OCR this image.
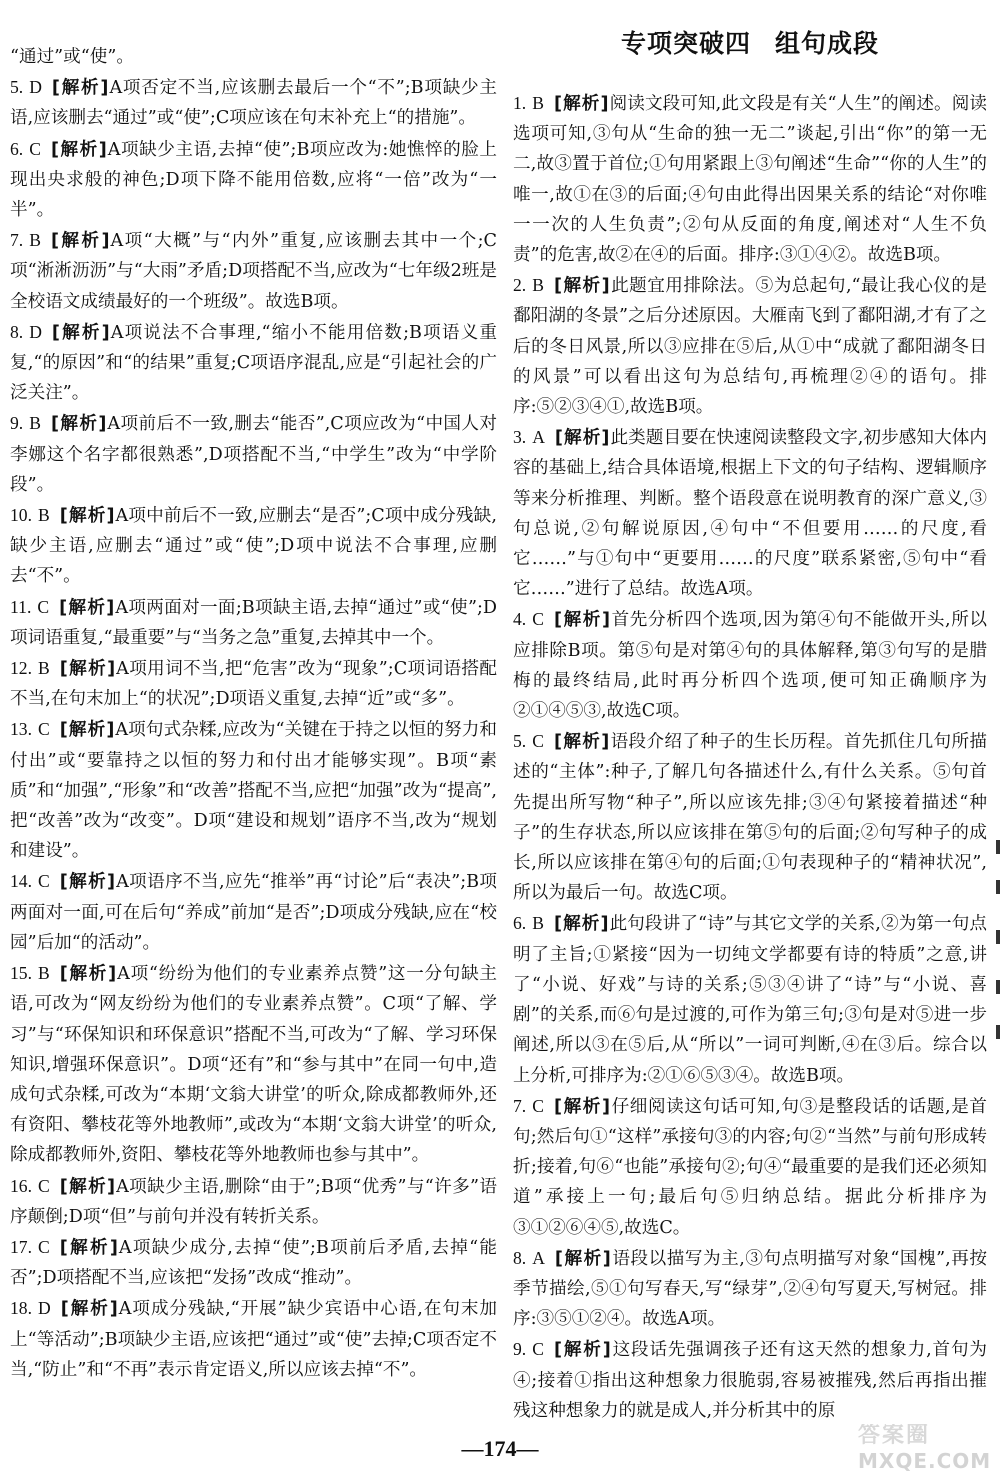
“通过”或“使”。

5. D [解析]A项否定不当,应该删去最后一个“不”;B项缺少主语,应该删去“通过”或“使”;C项应该在句末补充上“的措施”。

6. C [解析]A项缺少主语,去掉“使”;B项应改为:她憔悴的脸上现出央求般的神色;D项下降不能用倍数,应将“一倍”改为“一半”。

7. B [解析]A项“大概”与“内外”重复,应该删去其中一个;C项“淅淅沥沥”与“大雨”矛盾;D项搭配不当,应改为“七年级2班是全校语文成绩最好的一个班级”。故选B项。

8. D [解析]A项说法不合事理,“缩小不能用倍数;B项语义重复,“的原因”和“的结果”重复;C项语序混乱,应是“引起社会的广泛关注”。

9. B [解析]A项前后不一致,删去“能否”,C项应改为“中国人对李娜这个名字都很熟悉”,D项搭配不当,“中学生”改为“中学阶段”。

10. B [解析]A项中前后不一致,应删去“是否”;C项中成分残缺,缺少主语,应删去“通过”或“使”;D项中说法不合事理,应删去“不”。

11. C [解析]A项两面对一面;B项缺主语,去掉“通过”或“使”;D项词语重复,“最重要”与“当务之急”重复,去掉其中一个。

12. B [解析]A项用词不当,把“危害”改为“现象”;C项词语搭配不当,在句末加上“的状况”;D项语义重复,去掉“近”或“多”。

13. C [解析]A项句式杂糅,应改为“关键在于持之以恒的努力和付出”或“要靠持之以恒的努力和付出才能够实现”。B项“素质”和“加强”,“形象”和“改善”搭配不当,应把“加强”改为“提高”,把“改善”改为“改变”。D项“建设和规划”语序不当,改为“规划和建设”。

14. C [解析]A项语序不当,应先“推举”再“讨论”后“表决”;B项两面对一面,可在后句“养成”前加“是否”;D项成分残缺,应在“校园”后加“的活动”。

15. B [解析]A项“纷纷为他们的专业素养点赞”这一分句缺主语,可改为“网友纷纷为他们的专业素养点赞”。C项“了解、学习”与“环保知识和环保意识”搭配不当,可改为“了解、学习环保知识,增强环保意识”。D项“还有”和“参与其中”在同一句中,造成句式杂糅,可改为“本期‘文翁大讲堂’的听众,除成都教师外,还有资阳、攀枝花等外地教师”,或改为“本期‘文翁大讲堂’的听众,除成都教师外,资阳、攀枝花等外地教师也参与其中”。

16. C [解析]A项缺少主语,删除“由于”;B项“优秀”与“许多”语序颠倒;D项“但”与前句并没有转折关系。

17. C [解析]A项缺少成分,去掉“使”;B项前后矛盾,去掉“能否”;D项搭配不当,应该把“发扬”改成“推动”。

18. D [解析]A项成分残缺,“开展”缺少宾语中心语,在句末加上“等活动”;B项缺少主语,应该把“通过”或“使”去掉;C项否定不当,“防止”和“不再”表示肯定语义,所以应该去掉“不”。

专项突破四 组句成段

1. B [解析]阅读文段可知,此文段是有关“人生”的阐述。阅读选项可知,③句从“生命的独一无二”谈起,引出“你”的第一无二,故③置于首位;①句用紧跟上③句阐述“生命”“你的人生”的唯一,故①在③的后面;④句由此得出因果关系的结论“对你唯一一次的人生负责”;②句从反面的角度,阐述对“人生不负责”的危害,故②在④的后面。排序:③①④②。故选B项。

2. B [解析]此题宜用排除法。⑤为总起句,“最让我心仪的是鄱阳湖的冬景”之后分述原因。大雁南飞到了鄱阳湖,才有了之后的冬日风景,所以③应排在⑤后,从①中“成就了鄱阳湖冬日的风景”可以看出这句为总结句,再梳理②④的语句。排序:⑤②③④①,故选B项。

3. A [解析]此类题目要在快速阅读整段文字,初步感知大体内容的基础上,结合具体语境,根据上下文的句子结构、逻辑顺序等来分析推理、判断。整个语段意在说明教育的深广意义,③句总说,②句解说原因,④句中“不但要用……的尺度,看它……”与①句中“更要用……的尺度”联系紧密,⑤句中“看它……”进行了总结。故选A项。

4. C [解析]首先分析四个选项,因为第④句不能做开头,所以应排除B项。第⑤句是对第④句的具体解释,第③句写的是腊梅的最终结局,此时再分析四个选项,便可知正确顺序为②①④⑤③,故选C项。

5. C [解析]语段介绍了种子的生长历程。首先抓住几句所描述的“主体”:种子,了解几句各描述什么,有什么关系。⑤句首先提出所写物“种子”,所以应该先排;③④句紧接着描述“种子”的生存状态,所以应该排在第⑤句的后面;②句写种子的成长,所以应该排在第④句的后面;①句表现种子的“精神状况”,所以为最后一句。故选C项。

6. B [解析]此句段讲了“诗”与其它文学的关系,②为第一句点明了主旨;①紧接“因为一切纯文学都要有诗的特质”之意,讲了“小说、好戏”与诗的关系;⑤③④讲了“诗”与“小说、喜剧”的关系,而⑥句是过渡的,可作为第三句;③句是对⑤进一步阐述,所以③在⑤后,从“所以”一词可判断,④在③后。综合以上分析,可排序为:②①⑥⑤③④。故选B项。

7. C [解析]仔细阅读这句话可知,句③是整段话的话题,是首句;然后句①“这样”承接句③的内容;句②“当然”与前句形成转折;接着,句⑥“也能”承接句②;句④“最重要的是我们还必须知道”承接上一句;最后句⑤归纳总结。据此分析排序为③①②⑥④⑤,故选C。

8. A [解析]语段以描写为主,③句点明描写对象“国槐”,再按季节描绘,⑤①句写春天,写“绿芽”,②④句写夏天,写树冠。排序:③⑤①②④。故选A项。

9. C [解析]这段话先强调孩子还有这天然的想象力,首句为④;接着①指出这种想象力很脆弱,容易被摧残,然后再指出摧残这种想象力的就是成人,并分析其中的原

—174—
答案圈
MXQE.COM
